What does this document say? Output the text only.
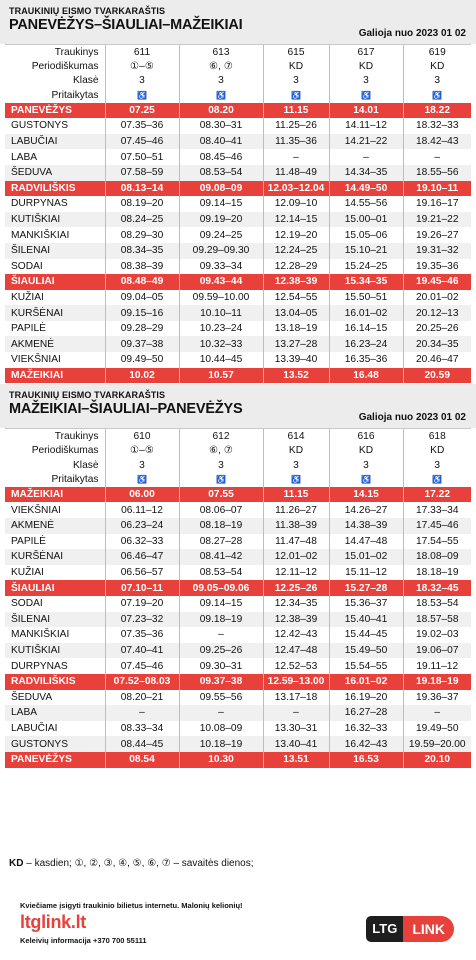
TRAUKINIŲ EISMO TVARKARAŠTIS
PANEVĖŽYS–ŠIAULIAI–MAŽEIKIAI
Galioja nuo 2023 01 02
Traukinys	611	613	615	617	619
Periodiškumas	①–⑤	⑥, ⑦	KD	KD	KD
Klasė	3	3	3	3	3
Pritaikytas	♿	♿	♿	♿	♿
PANEVĖŽYS	07.25	08.20	11.15	14.01	18.22
GUSTONYS	07.35–36	08.30–31	11.25–26	14.11–12	18.32–33
LABUČIAI	07.45–46	08.40–41	11.35–36	14.21–22	18.42–43
LABA	07.50–51	08.45–46	–	–	–
ŠEDUVA	07.58–59	08.53–54	11.48–49	14.34–35	18.55–56
RADVILIŠKIS	08.13–14	09.08–09	12.03–12.04	14.49–50	19.10–11
DURPYNAS	08.19–20	09.14–15	12.09–10	14.55–56	19.16–17
KUTIŠKIAI	08.24–25	09.19–20	12.14–15	15.00–01	19.21–22
MANKIŠKIAI	08.29–30	09.24–25	12.19–20	15.05–06	19.26–27
ŠILENAI	08.34–35	09.29–09.30	12.24–25	15.10–21	19.31–32
SODAI	08.38–39	09.33–34	12.28–29	15.24–25	19.35–36
ŠIAULIAI	08.48–49	09.43–44	12.38–39	15.34–35	19.45–46
KUŽIAI	09.04–05	09.59–10.00	12.54–55	15.50–51	20.01–02
KURŠĖNAI	09.15–16	10.10–11	13.04–05	16.01–02	20.12–13
PAPILĖ	09.28–29	10.23–24	13.18–19	16.14–15	20.25–26
AKMENĖ	09.37–38	10.32–33	13.27–28	16.23–24	20.34–35
VIEKŠNIAI	09.49–50	10.44–45	13.39–40	16.35–36	20.46–47
MAŽEIKIAI	10.02	10.57	13.52	16.48	20.59
TRAUKINIŲ EISMO TVARKARAŠTIS
MAŽEIKIAI–ŠIAULIAI–PANEVĖŽYS
Galioja nuo 2023 01 02
Traukinys	610	612	614	616	618
Periodiškumas	①–⑤	⑥, ⑦	KD	KD	KD
Klasė	3	3	3	3	3
Pritaikytas	♿	♿	♿	♿	♿
MAŽEIKIAI	06.00	07.55	11.15	14.15	17.22
VIEKŠNIAI	06.11–12	08.06–07	11.26–27	14.26–27	17.33–34
AKMENĖ	06.23–24	08.18–19	11.38–39	14.38–39	17.45–46
PAPILĖ	06.32–33	08.27–28	11.47–48	14.47–48	17.54–55
KURŠĖNAI	06.46–47	08.41–42	12.01–02	15.01–02	18.08–09
KUŽIAI	06.56–57	08.53–54	12.11–12	15.11–12	18.18–19
ŠIAULIAI	07.10–11	09.05–09.06	12.25–26	15.27–28	18.32–45
SODAI	07.19–20	09.14–15	12.34–35	15.36–37	18.53–54
ŠILENAI	07.23–32	09.18–19	12.38–39	15.40–41	18.57–58
MANKIŠKIAI	07.35–36	–	12.42–43	15.44–45	19.02–03
KUTIŠKIAI	07.40–41	09.25–26	12.47–48	15.49–50	19.06–07
DURPYNAS	07.45–46	09.30–31	12.52–53	15.54–55	19.11–12
RADVILIŠKIS	07.52–08.03	09.37–38	12.59–13.00	16.01–02	19.18–19
ŠEDUVA	08.20–21	09.55–56	13.17–18	16.19–20	19.36–37
LABA	–	–	–	16.27–28	–
LABUČIAI	08.33–34	10.08–09	13.30–31	16.32–33	19.49–50
GUSTONYS	08.44–45	10.18–19	13.40–41	16.42–43	19.59–20.00
PANEVĖŽYS	08.54	10.30	13.51	16.53	20.10
KD – kasdien; ①, ②, ③, ④, ⑤, ⑥, ⑦ – savaitės dienos;
Kviečiame įsigyti traukinio bilietus internetu. Malonių kelionių!
ltglink.lt
Keleivių informacija +370 700 55111
LTG	LINK
